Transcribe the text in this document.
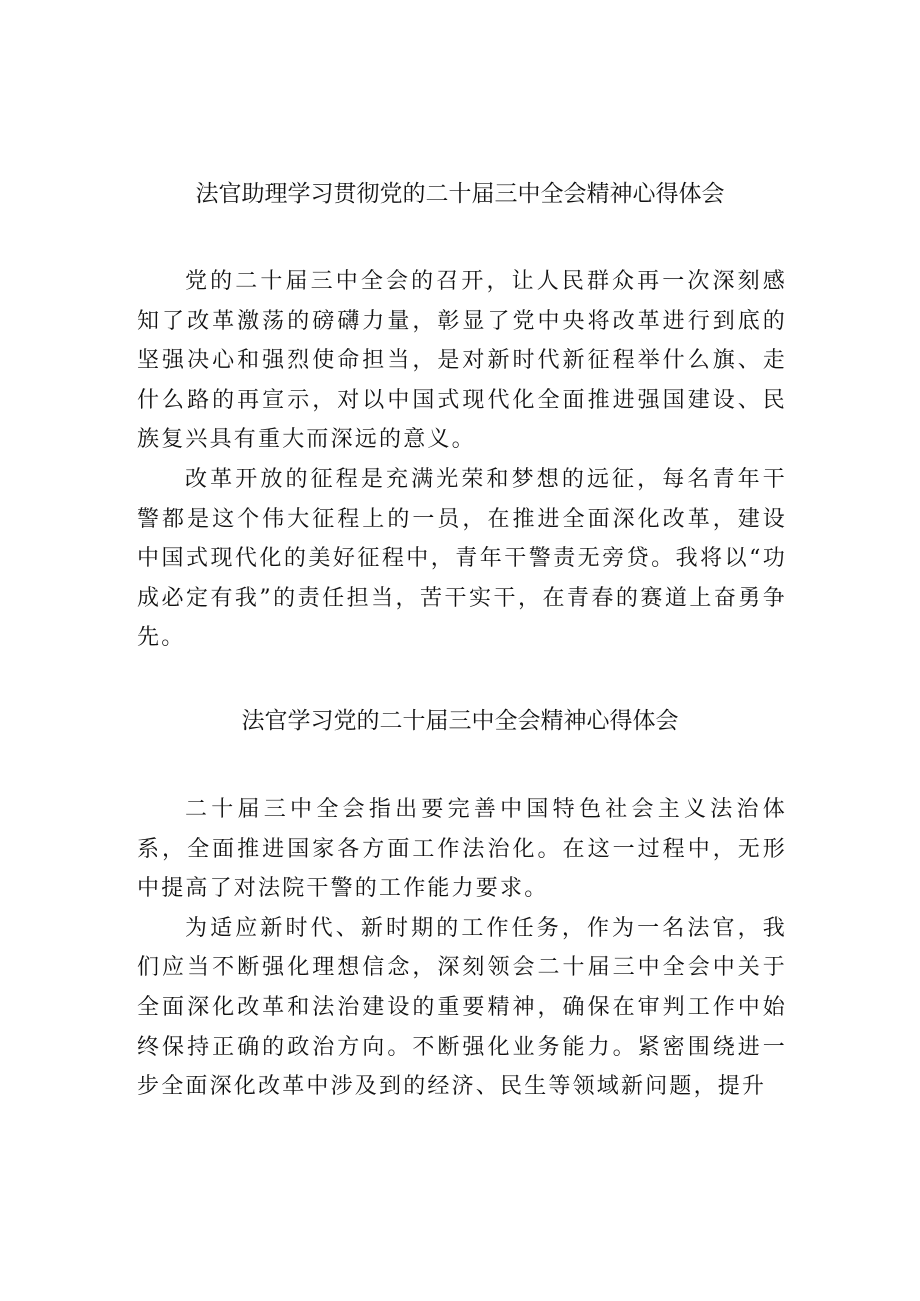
法官助理学习贯彻党的二十届三中全会精神心得体会

党的二十届三中全会的召开，让人民群众再一次深刻感知了改革激荡的磅礴力量，彰显了党中央将改革进行到底的坚强决心和强烈使命担当，是对新时代新征程举什么旗、走什么路的再宣示，对以中国式现代化全面推进强国建设、民族复兴具有重大而深远的意义。

改革开放的征程是充满光荣和梦想的远征，每名青年干警都是这个伟大征程上的一员，在推进全面深化改革，建设中国式现代化的美好征程中，青年干警责无旁贷。我将以“功成必定有我”的责任担当，苦干实干，在青春的赛道上奋勇争先。

法官学习党的二十届三中全会精神心得体会

二十届三中全会指出要完善中国特色社会主义法治体系，全面推进国家各方面工作法治化。在这一过程中，无形中提高了对法院干警的工作能力要求。

为适应新时代、新时期的工作任务，作为一名法官，我们应当不断强化理想信念，深刻领会二十届三中全会中关于全面深化改革和法治建设的重要精神，确保在审判工作中始终保持正确的政治方向。不断强化业务能力。紧密围绕进一步全面深化改革中涉及到的经济、民生等领域新问题，提升
